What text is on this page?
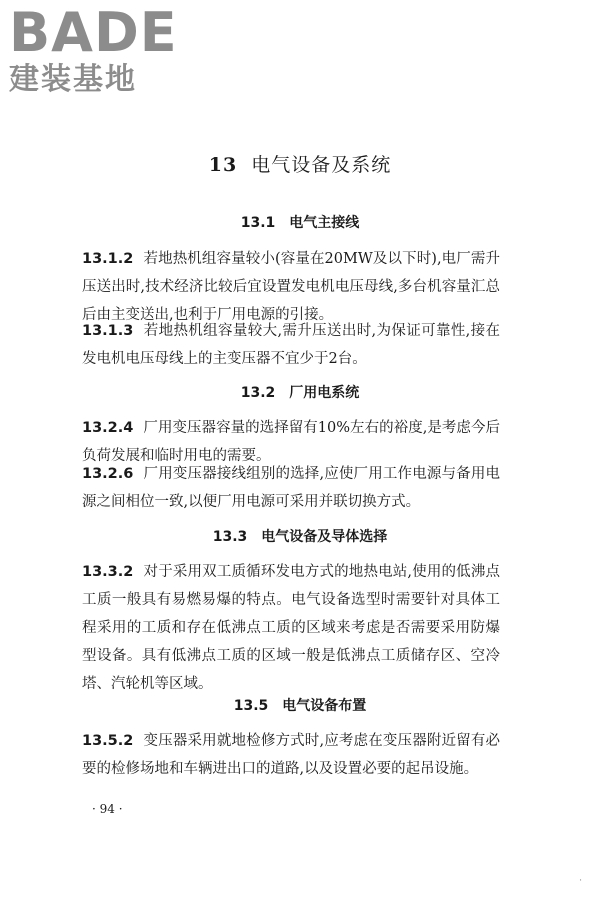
BADE
建装基地
13 电气设备及系统
13.1 电气主接线
13.1.2 若地热机组容量较小(容量在20MW及以下时),电厂需升压送出时,技术经济比较后宜设置发电机电压母线,多台机容量汇总后由主变送出,也利于厂用电源的引接。
13.1.3 若地热机组容量较大,需升压送出时,为保证可靠性,接在发电机电压母线上的主变压器不宜少于2台。
13.2 厂用电系统
13.2.4 厂用变压器容量的选择留有10%左右的裕度,是考虑今后负荷发展和临时用电的需要。
13.2.6 厂用变压器接线组别的选择,应使厂用工作电源与备用电源之间相位一致,以便厂用电源可采用并联切换方式。
13.3 电气设备及导体选择
13.3.2 对于采用双工质循环发电方式的地热电站,使用的低沸点工质一般具有易燃易爆的特点。电气设备选型时需要针对具体工程采用的工质和存在低沸点工质的区域来考虑是否需要采用防爆型设备。具有低沸点工质的区域一般是低沸点工质储存区、空冷塔、汽轮机等区域。
13.5 电气设备布置
13.5.2 变压器采用就地检修方式时,应考虑在变压器附近留有必要的检修场地和车辆进出口的道路,以及设置必要的起吊设施。
· 94 ·
·
